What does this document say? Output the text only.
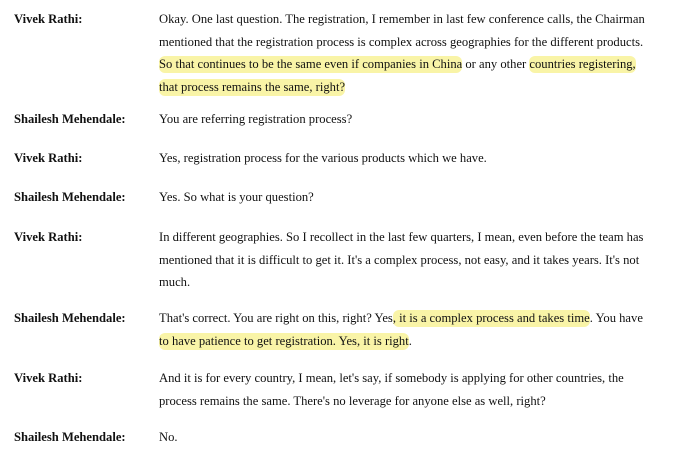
Vivek Rathi:	Okay. One last question. The registration, I remember in last few conference calls, the Chairman
mentioned that the registration process is complex across geographies for the different products.
So that continues to be the same even if companies in China or any other countries registering,
that process remains the same, right?
Shailesh Mehendale:	You are referring registration process?
Vivek Rathi:	Yes, registration process for the various products which we have.
Shailesh Mehendale:	Yes. So what is your question?
Vivek Rathi:	In different geographies. So I recollect in the last few quarters, I mean, even before the team has
mentioned that it is difficult to get it. It's a complex process, not easy, and it takes years. It's not
much.
Shailesh Mehendale:	That's correct. You are right on this, right? Yes, it is a complex process and takes time. You have
to have patience to get registration. Yes, it is right.
Vivek Rathi:	And it is for every country, I mean, let's say, if somebody is applying for other countries, the
process remains the same. There's no leverage for anyone else as well, right?
Shailesh Mehendale:	No.
